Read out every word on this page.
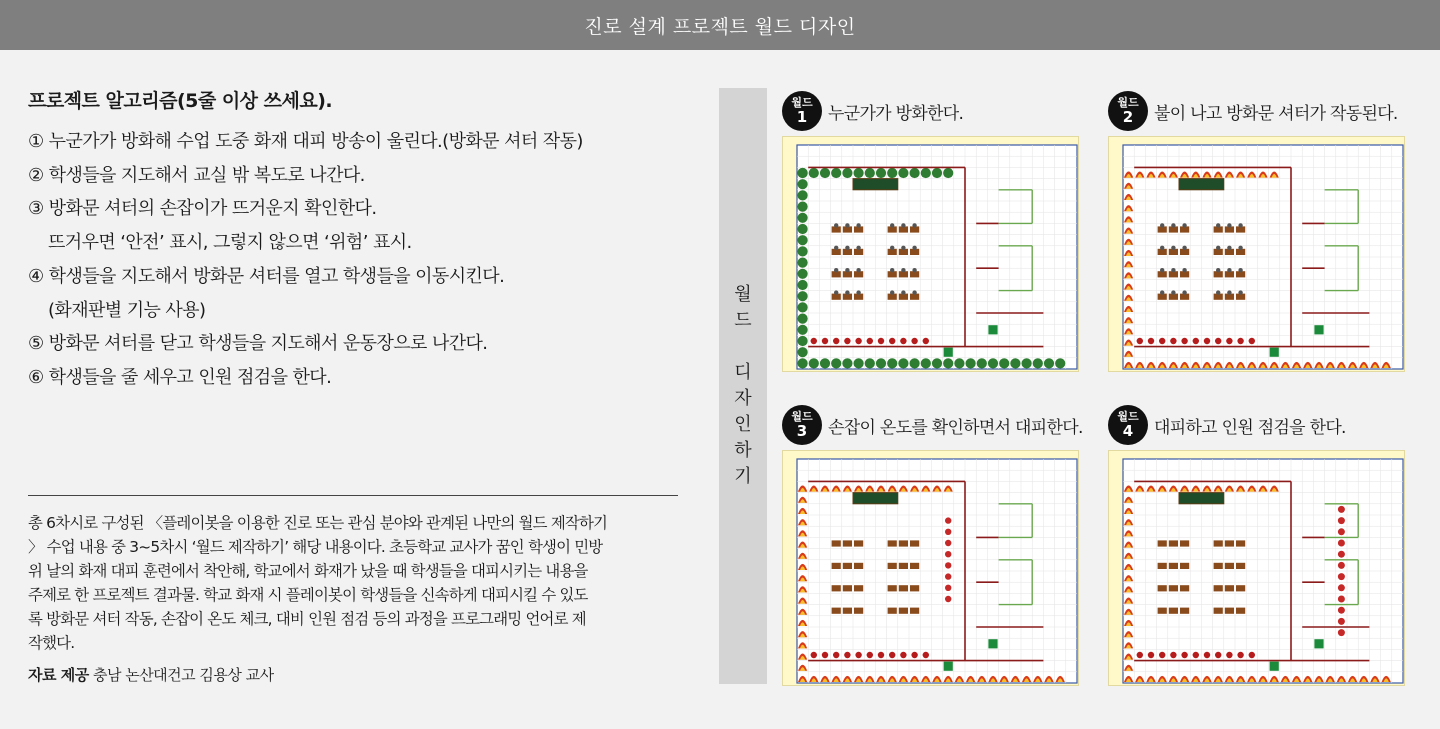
진로 설계 프로젝트 월드 디자인
프로젝트 알고리즘(5줄 이상 쓰세요).
① 누군가가 방화해 수업 도중 화재 대피 방송이 울린다.(방화문 셔터 작동)
② 학생들을 지도해서 교실 밖 복도로 나간다.
③ 방화문 셔터의 손잡이가 뜨거운지 확인한다.
뜨거우면 ‘안전’ 표시, 그렇지 않으면 ‘위험’ 표시.
④ 학생들을 지도해서 방화문 셔터를 열고 학생들을 이동시킨다.
(화재판별 기능 사용)
⑤ 방화문 셔터를 닫고 학생들을 지도해서 운동장으로 나간다.
⑥ 학생들을 줄 세우고 인원 점검을 한다.
총 6차시로 구성된 〈플레이봇을 이용한 진로 또는 관심 분야와 관계된 나만의 월드 제작하기
〉 수업 내용 중 3~5차시 ‘월드 제작하기’ 해당 내용이다. 초등학교 교사가 꿈인 학생이 민방
위 날의 화재 대피 훈련에서 착안해, 학교에서 화재가 났을 때 학생들을 대피시키는 내용을
주제로 한 프로젝트 결과물. 학교 화재 시 플레이봇이 학생들을 신속하게 대피시킬 수 있도
록 방화문 셔터 작동, 손잡이 온도 체크, 대비 인원 점검 등의 과정을 프로그래밍 언어로 제
작했다.
자료 제공 충남 논산대건고 김용상 교사
월
드
디
자
인
하
기
월드
1 누군가가 방화한다.
월드
2 불이 나고 방화문 셔터가 작동된다.
월드
3 손잡이 온도를 확인하면서 대피한다.
월드
4 대피하고 인원 점검을 한다.
